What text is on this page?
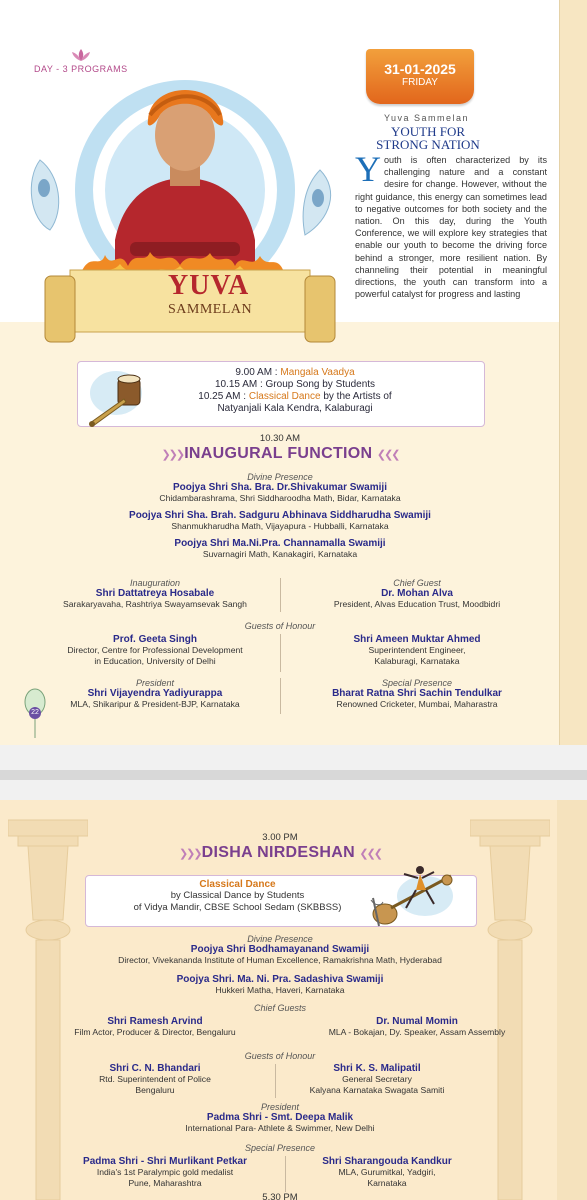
DAY - 3 PROGRAMS
YUVA
SAMMELAN
31-01-2025
FRIDAY
Yuva Sammelan
YOUTH FOR
STRONG NATION
Youth is often characterized by its challenging nature and a constant desire for change. However, without the right guidance, this energy can sometimes lead to negative outcomes for both society and the nation. On this day, during the Youth Conference, we will explore key strategies that enable our youth to become the driving force behind a stronger, more resilient nation. By channeling their potential in meaningful directions, the youth can transform into a powerful catalyst for progress and lasting
9.00 AM : Mangala Vaadya
10.15 AM : Group Song by Students
10.25 AM : Classical Dance by the Artists of
Natyanjali Kala Kendra, Kalaburagi
10.30 AM
❯❯❯ INAUGURAL FUNCTION ❮❮❮
Divine Presence
Poojya Shri Sha. Bra. Dr.Shivakumar Swamiji
Chidambarashrama, Shri Siddharoodha Math, Bidar, Karnataka
Poojya Shri Sha. Brah. Sadguru Abhinava Siddharudha Swamiji
Shanmukharudha Math, Vijayapura - Hubballi, Karnataka
Poojya Shri Ma.Ni.Pra. Channamalla Swamiji
Suvarnagiri Math, Kanakagiri, Karnataka
Inauguration
Shri Dattatreya Hosabale
Sarakaryavaha, Rashtriya Swayamsevak Sangh
Chief Guest
Dr. Mohan Alva
President, Alvas Education Trust, Moodbidri
Guests of Honour
Prof. Geeta Singh
Director, Centre for Professional Development
in Education, University of Delhi
Shri Ameen Muktar Ahmed
Superintendent Engineer,
Kalaburagi, Karnataka
President
Shri Vijayendra Yadiyurappa
MLA, Shikaripur & President-BJP, Karnataka
Special Presence
Bharat Ratna Shri Sachin Tendulkar
Renowned Cricketer, Mumbai, Maharastra
22
3.00 PM
❯❯❯ DISHA NIRDESHAN ❮❮❮
Classical Dance
by Classical Dance by Students
of Vidya Mandir, CBSE School Sedam (SKBBSS)
Divine Presence
Poojya Shri Bodhamayanand Swamiji
Director, Vivekananda Institute of Human Excellence, Ramakrishna Math, Hyderabad
Poojya Shri. Ma. Ni. Pra. Sadashiva Swamiji
Hukkeri Matha, Haveri, Karnataka
Chief Guests
Shri Ramesh Arvind
Film Actor, Producer & Director, Bengaluru
Dr. Numal Momin
MLA - Bokajan, Dy. Speaker, Assam Assembly
Guests of Honour
Shri C. N. Bhandari
Rtd. Superintendent of Police
Bengaluru
Shri K. S. Malipatil
General Secretary
Kalyana Karnataka Swagata Samiti
President
Padma Shri - Smt. Deepa Malik
International Para- Athlete & Swimmer, New Delhi
Special Presence
Padma Shri - Shri Murlikant Petkar
India's 1st Paralympic gold medalist
Pune, Maharashtra
Shri Sharangouda Kandkur
MLA, Gurumitkal, Yadgiri,
Karnataka
5.30 PM
